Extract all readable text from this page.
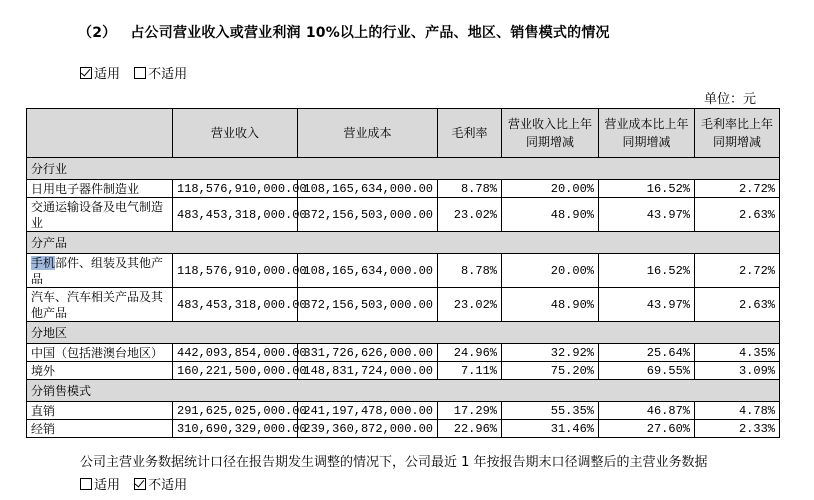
（2） 占公司营业收入或营业利润 10%以上的行业、产品、地区、销售模式的情况
适用 不适用
单位：元
	营业收入	营业成本	毛利率	营业收入比上年同期增减	营业成本比上年同期增减	毛利率比上年同期增减
分行业						
日用电子器件制造业	118,576,910,000.00	108,165,634,000.00	8.78%	20.00%	16.52%	2.72%
交通运输设备及电气制造业	483,453,318,000.00	372,156,503,000.00	23.02%	48.90%	43.97%	2.63%
分产品						
手机部件、组装及其他产品	118,576,910,000.00	108,165,634,000.00	8.78%	20.00%	16.52%	2.72%
汽车、汽车相关产品及其他产品	483,453,318,000.00	372,156,503,000.00	23.02%	48.90%	43.97%	2.63%
分地区						
中国（包括港澳台地区）	442,093,854,000.00	331,726,626,000.00	24.96%	32.92%	25.64%	4.35%
境外	160,221,500,000.00	148,831,724,000.00	7.11%	75.20%	69.55%	3.09%
分销售模式						
直销	291,625,025,000.00	241,197,478,000.00	17.29%	55.35%	46.87%	4.78%
经销	310,690,329,000.00	239,360,872,000.00	22.96%	31.46%	27.60%	2.33%
公司主营业务数据统计口径在报告期发生调整的情况下，公司最近 1 年按报告期末口径调整后的主营业务数据
适用 不适用
